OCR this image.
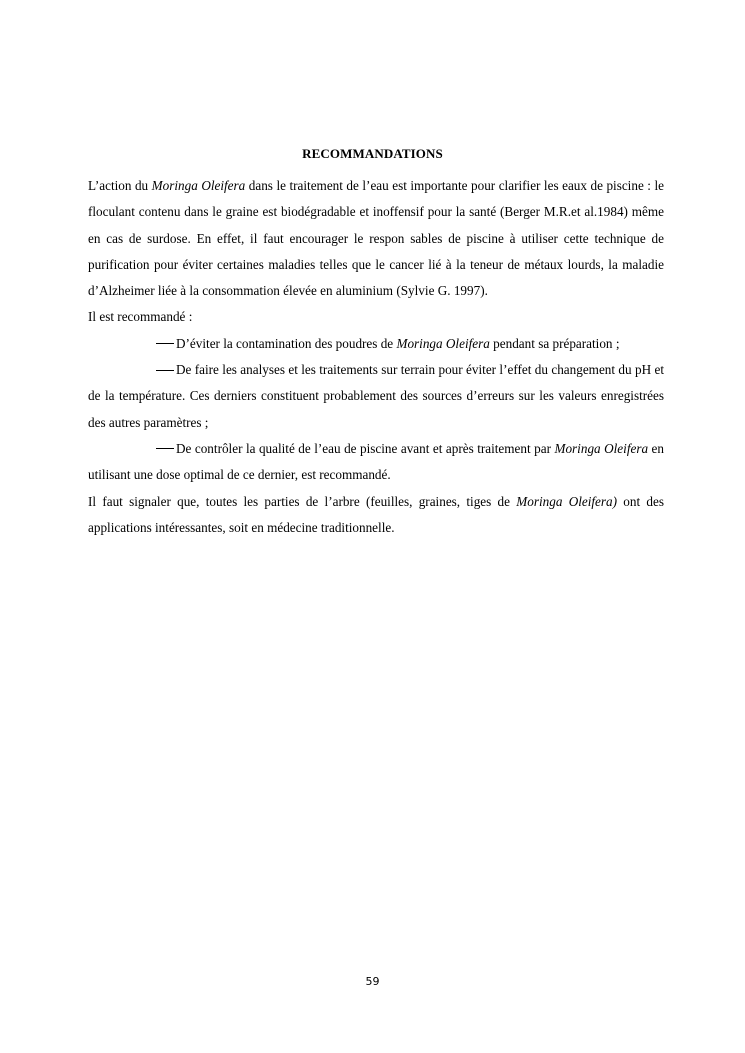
RECOMMANDATIONS

L’action du Moringa Oleifera dans le traitement de l’eau est importante pour clarifier les eaux de piscine : le floculant contenu dans le graine est biodégradable et inoffensif pour la santé (Berger M.R.et al.1984) même en cas de surdose. En effet, il faut encourager le respon sables de piscine à utiliser cette technique de purification pour éviter certaines maladies telles que le cancer lié à la teneur de métaux lourds, la maladie d’Alzheimer liée à la consommation élevée en aluminium (Sylvie G. 1997).

Il est recommandé :

D’éviter la contamination des poudres de Moringa Oleifera pendant sa préparation ;

De faire les analyses et les traitements sur terrain pour éviter l’effet du changement du pH et de la température. Ces derniers constituent probablement des sources d’erreurs sur les valeurs enregistrées des autres paramètres ;

De contrôler la qualité de l’eau de piscine avant et après traitement par Moringa Oleifera en utilisant une dose optimal de ce dernier, est recommandé.

Il faut signaler que, toutes les parties de l’arbre (feuilles, graines, tiges de Moringa Oleifera) ont des applications intéressantes, soit en médecine traditionnelle.

59
